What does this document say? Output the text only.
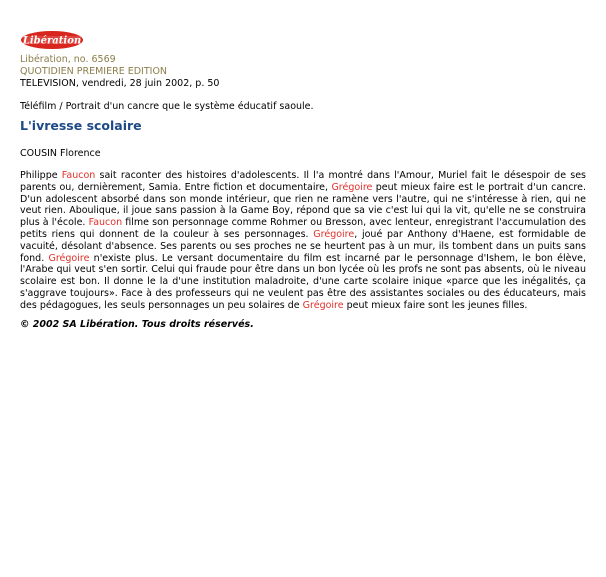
Libération
Libération, no. 6569
QUOTIDIEN PREMIERE EDITION
TELEVISION, vendredi, 28 juin 2002, p. 50
Téléfilm / Portrait d'un cancre que le système éducatif saoule.
L'ivresse scolaire
COUSIN Florence
Philippe Faucon sait raconter des histoires d'adolescents. Il l'a montré dans l'Amour, Muriel fait le désespoir de ses parents ou, dernièrement, Samia. Entre fiction et documentaire, Grégoire peut mieux faire est le portrait d'un cancre. D'un adolescent absorbé dans son monde intérieur, que rien ne ramène vers l'autre, qui ne s'intéresse à rien, qui ne veut rien. Aboulique, il joue sans passion à la Game Boy, répond que sa vie c'est lui qui la vit, qu'elle ne se construira plus à l'école. Faucon filme son personnage comme Rohmer ou Bresson, avec lenteur, enregistrant l'accumulation des petits riens qui donnent de la couleur à ses personnages. Grégoire, joué par Anthony d'Haene, est formidable de vacuité, désolant d'absence. Ses parents ou ses proches ne se heurtent pas à un mur, ils tombent dans un puits sans fond. Grégoire n'existe plus. Le versant documentaire du film est incarné par le personnage d'Ishem, le bon élève, l'Arabe qui veut s'en sortir. Celui qui fraude pour être dans un bon lycée où les profs ne sont pas absents, où le niveau scolaire est bon. Il donne le la d'une institution maladroite, d'une carte scolaire inique «parce que les inégalités, ça s'aggrave toujours». Face à des professeurs qui ne veulent pas être des assistantes sociales ou des éducateurs, mais des pédagogues, les seuls personnages un peu solaires de Grégoire peut mieux faire sont les jeunes filles.
© 2002 SA Libération. Tous droits réservés.
